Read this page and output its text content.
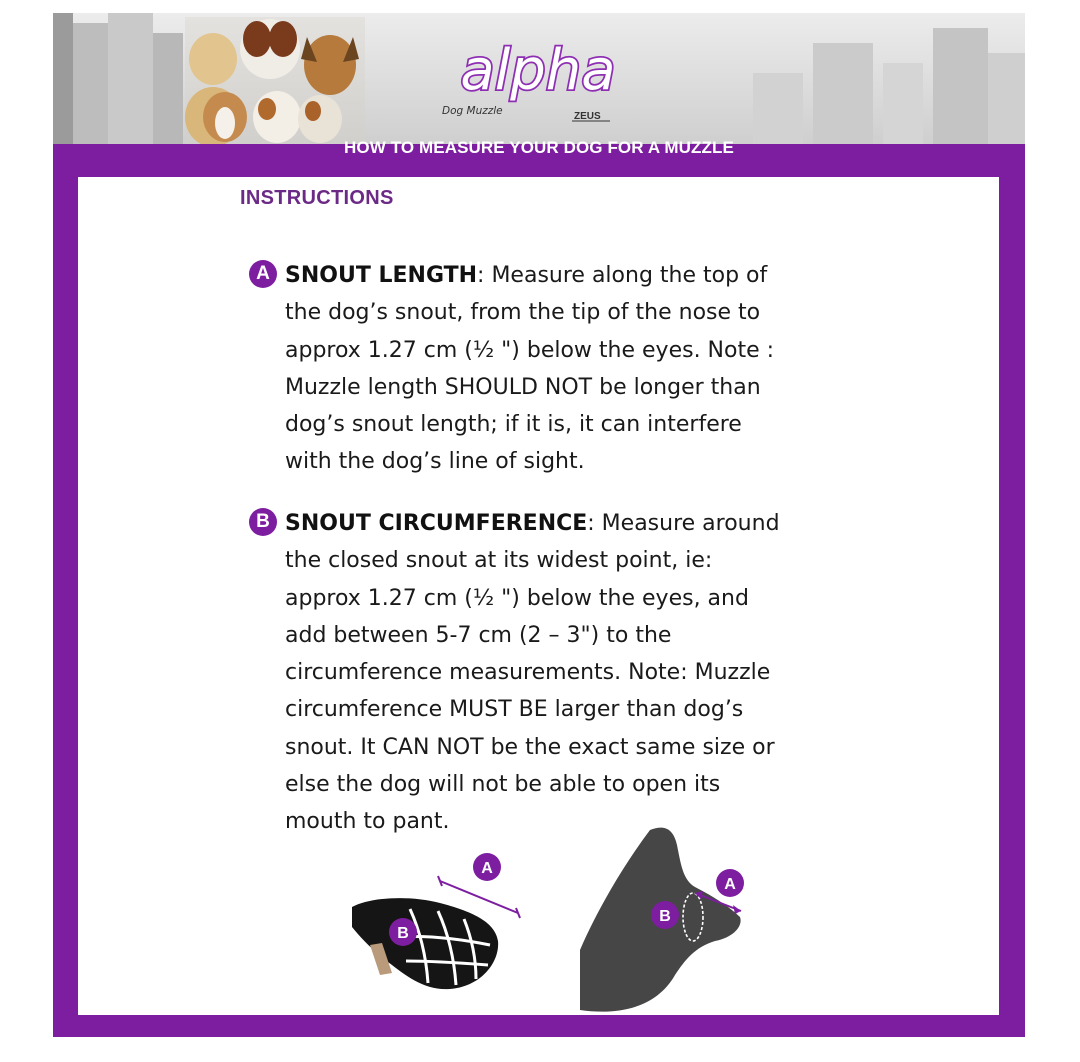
alpha
Dog Muzzle	ZEUS
HOW TO MEASURE YOUR DOG FOR A MUZZLE
INSTRUCTIONS
A SNOUT LENGTH: Measure along the top of
the dog’s snout, from the tip of the nose to
approx 1.27 cm (½ ") below the eyes. Note :
Muzzle length SHOULD NOT be longer than
dog’s snout length; if it is, it can interfere
with the dog’s line of sight.

B SNOUT CIRCUMFERENCE: Measure around
the closed snout at its widest point, ie:
approx 1.27 cm (½ ") below the eyes, and
add between 5-7 cm (2 – 3") to the
circumference measurements. Note: Muzzle
circumference MUST BE larger than dog’s
snout. It CAN NOT be the exact same size or
else the dog will not be able to open its
mouth to pant.

A
B
A
B
